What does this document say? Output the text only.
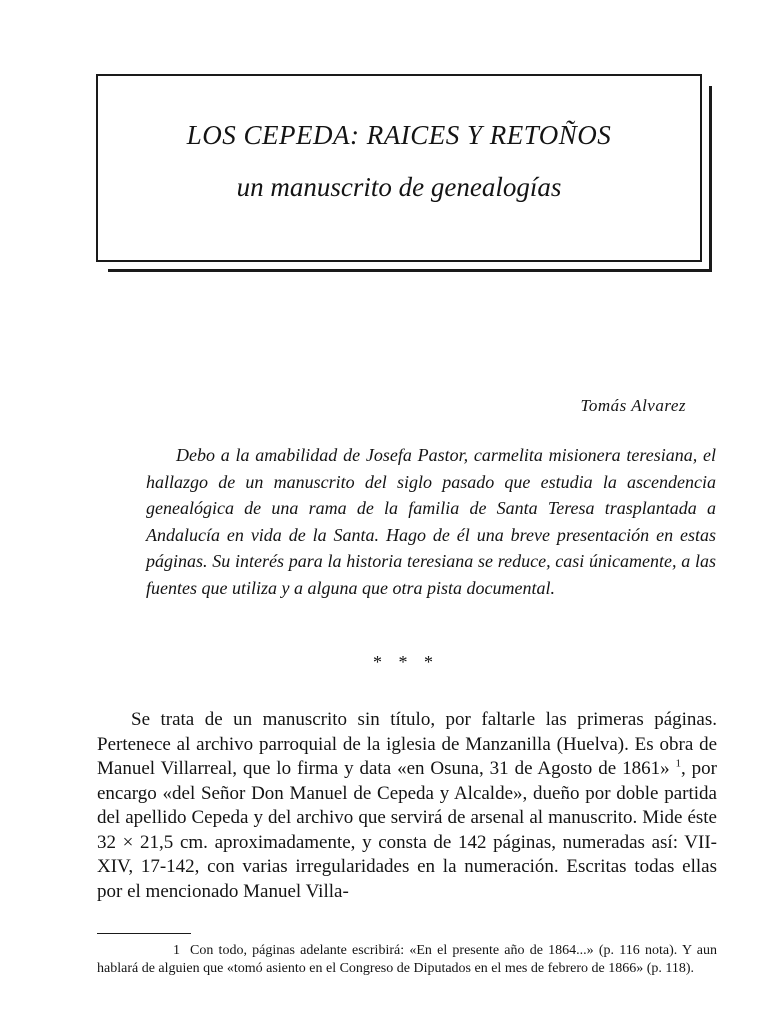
LOS CEPEDA: RAICES Y RETOÑOS
un manuscrito de genealogías
Tomás Alvarez

Debo a la amabilidad de Josefa Pastor, carmelita misionera teresiana, el hallazgo de un manuscrito del siglo pasado que estudia la ascendencia genealógica de una rama de la familia de Santa Teresa trasplantada a Andalucía en vida de la Santa. Hago de él una breve presentación en estas páginas. Su interés para la historia teresiana se reduce, casi únicamente, a las fuentes que utiliza y a alguna que otra pista documental.

* * *

Se trata de un manuscrito sin título, por faltarle las primeras páginas. Pertenece al archivo parroquial de la iglesia de Manzanilla (Huelva). Es obra de Manuel Villarreal, que lo firma y data «en Osuna, 31 de Agosto de 1861» $^1$, por encargo «del Señor Don Manuel de Cepeda y Alcalde», dueño por doble partida del apellido Cepeda y del archivo que servirá de arsenal al manuscrito. Mide éste 32 × 21,5 cm. aproximadamente, y consta de 142 páginas, numeradas así: VII-XIV, 17-142, con varias irregularidades en la numeración. Escritas todas ellas por el mencionado Manuel Villa-

1 Con todo, páginas adelante escribirá: «En el presente año de 1864...» (p. 116 nota). Y aun hablará de alguien que «tomó asiento en el Congreso de Diputados en el mes de febrero de 1866» (p. 118).
